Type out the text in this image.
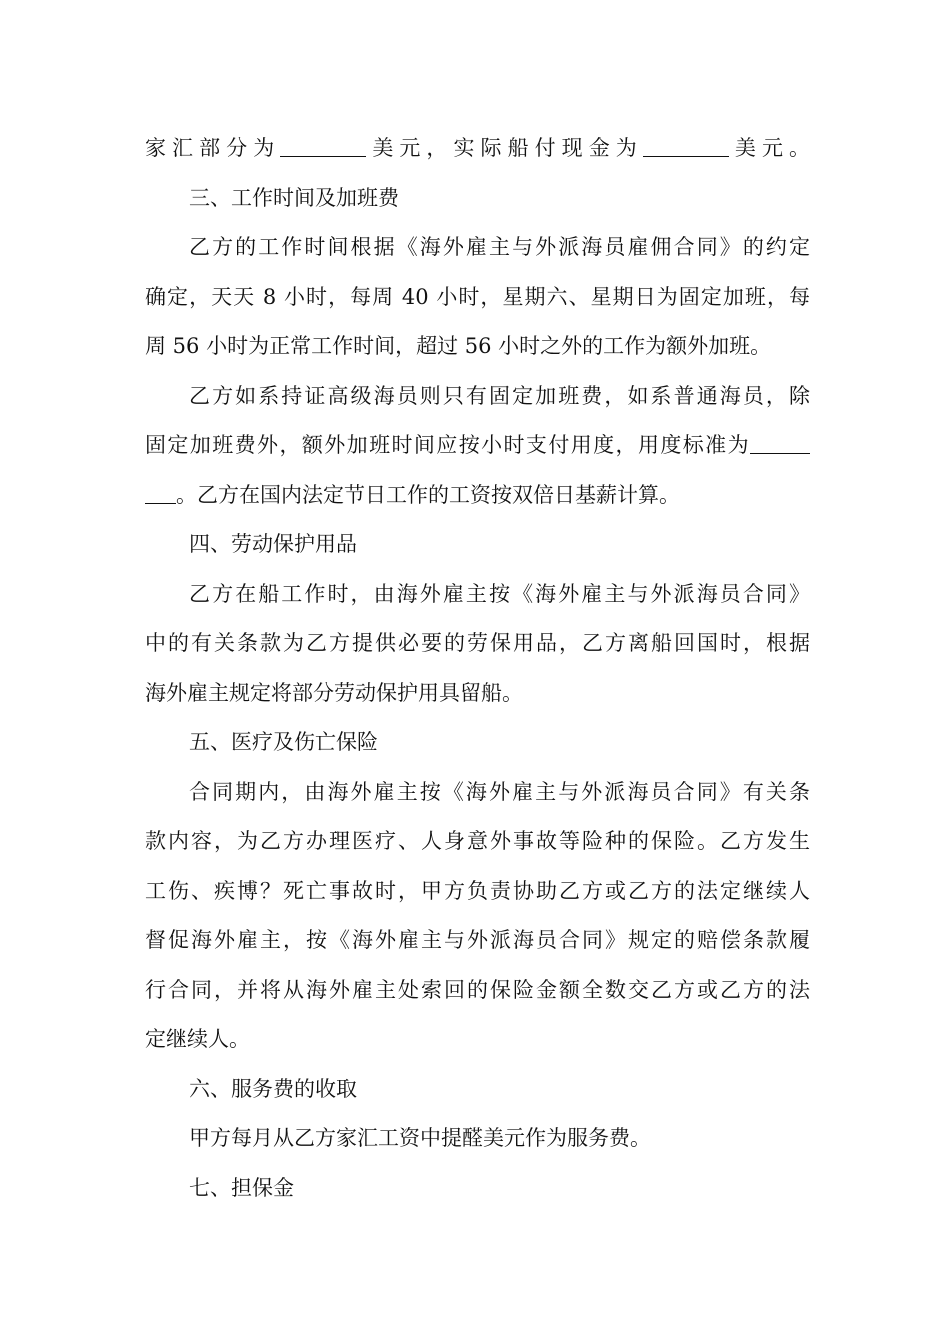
家汇部分为	美元，实际船付现金为	美元。
三、工作时间及加班费
乙方的工作时间根据《海外雇主与外派海员雇佣合同》的约定
确定，天天 8 小时，每周 40 小时，星期六、星期日为固定加班，每
周 56 小时为正常工作时间，超过 56 小时之外的工作为额外加班。
乙方如系持证高级海员则只有固定加班费，如系普通海员，除
固定加班费外，额外加班时间应按小时支付用度，用度标准为
。乙方在国内法定节日工作的工资按双倍日基薪计算。
四、劳动保护用品
乙方在船工作时，由海外雇主按《海外雇主与外派海员合同》
中的有关条款为乙方提供必要的劳保用品，乙方离船回国时，根据
海外雇主规定将部分劳动保护用具留船。
五、医疗及伤亡保险
合同期内，由海外雇主按《海外雇主与外派海员合同》有关条
款内容，为乙方办理医疗、人身意外事故等险种的保险。乙方发生
工伤、疾博？死亡事故时，甲方负责协助乙方或乙方的法定继续人
督促海外雇主，按《海外雇主与外派海员合同》规定的赔偿条款履
行合同，并将从海外雇主处索回的保险金额全数交乙方或乙方的法
定继续人。
六、服务费的收取
甲方每月从乙方家汇工资中提醛美元作为服务费。
七、担保金
